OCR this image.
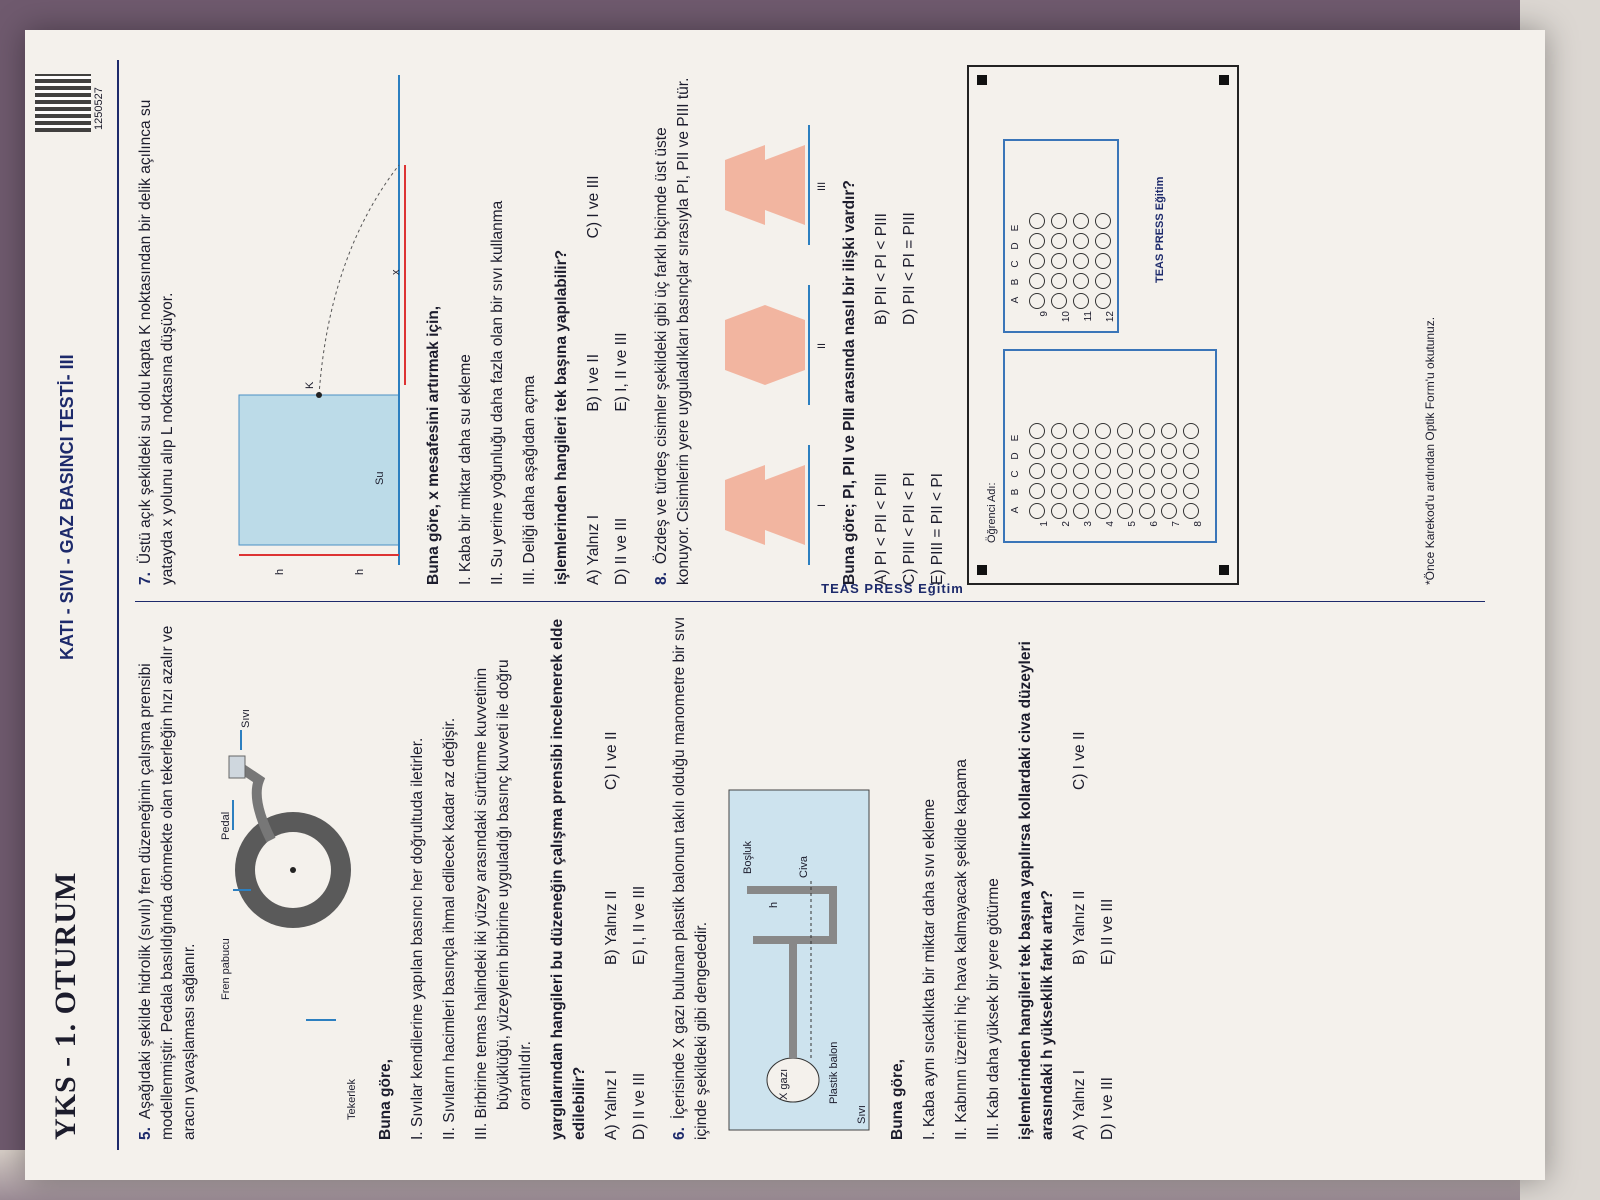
YKS - 1. OTURUM
KATI - SIVI - GAZ BASINCI TESTİ- III
1250527
TEAS PRESS Eğitim

5.Aşağıdaki şekilde hidrolik (sıvılı) fren düzeneğinin çalışma prensibi modellenmiştir. Pedala basıldığında dönmekte olan tekerleğin hızı azalır ve aracın yavaşlaması sağlanır.	Fren pabucu
Pedal
Sıvı
Tekerlek	Buna göre, I. Sıvılar kendilerine yapılan basıncı her doğrultuda iletirler. II. Sıvıların hacimleri basınçla ihmal edilecek kadar az değişir. III. Birbirine temas halindeki iki yüzey arasındaki sürtünme kuvvetinin büyüklüğü, yüzeylerin birbirine uyguladığı basınç kuvveti ile doğru orantılıdır. yargılarından hangileri bu düzeneğin çalışma prensibi incelenerek elde edilebilir? A) Yalnız I
B) Yalnız II
C) I ve II
D) II ve III
E) I, II ve III

6.İçerisinde X gazı bulunan plastik balonun takılı olduğu manometre bir sıvı içinde şekildeki gibi dengededir.	X gazı	Plastik balon
Sıvı
Boşluk	Civa
h

Buna göre, I. Kaba aynı sıcaklıkta bir miktar daha sıvı ekleme II. Kabının üzerini hiç hava kalmayacak şekilde kapama III. Kabı daha yüksek bir yere götürme işlemlerinden hangileri tek başına yapılırsa kollardaki civa düzeyleri arasındaki h yükseklik farkı artar? A) Yalnız I
B) Yalnız II
C) I ve II
D) I ve III
E) II ve III

7.Üstü açık şekildeki su dolu kapta K noktasından bir delik açılınca su yatayda x yolunu alıp L noktasına düşüyor.	h	h
Su
K
x

Buna göre, x mesafesini artırmak için, I. Kaba bir miktar daha su ekleme II. Su yerine yoğunluğu daha fazla olan bir sıvı kullanma III. Deliği daha aşağıdan açma işlemlerinden hangileri tek başına yapılabilir? A) Yalnız I
B) I ve II
C) I ve III
D) II ve III
E) I, II ve III

8.Özdeş ve türdeş cisimler şekildeki gibi üç farklı biçimde üst üste konuyor. Cisimlerin yere uyguladıkları basınçlar sırasıyla PI, PII ve PIII tür.	I
II
III Buna göre; PI, PII ve PIII arasında nasıl bir ilişki vardır? A) PI < PII < PIII
B) PII < PI < PIII
C) PIII < PII < PI
D) PII < PI = PIII
E) PIII = PII < PI	Öğrenci Adı:	ABCDE
1	2	3	4	5	6	7	8
ABCDE
9	10	11	12
TEAS PRESS Eğitim
*Önce Karekod'u ardından Optik Form'u okutunuz.
